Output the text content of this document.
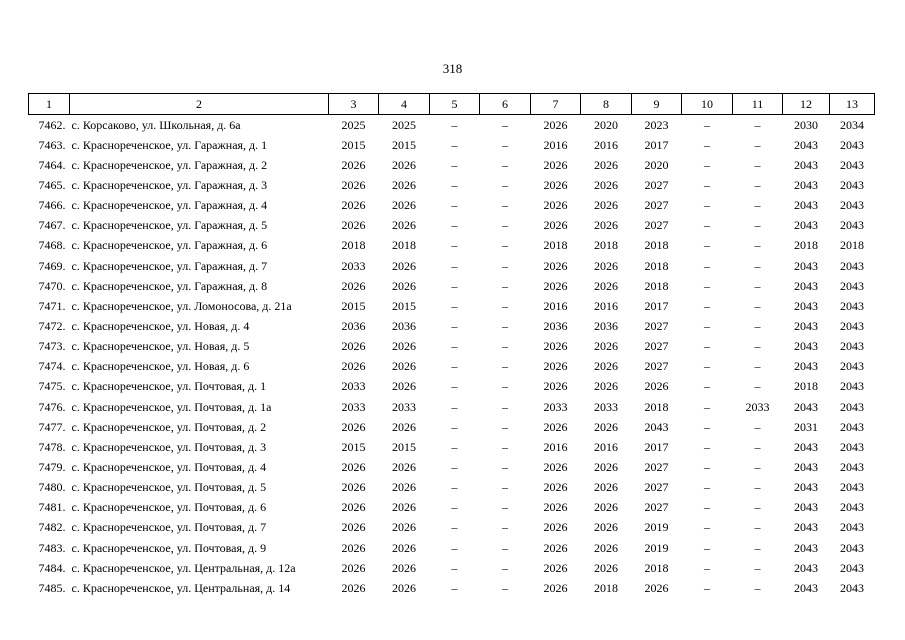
318
1	2	3	4	5	6	7	8	9	10	11	12	13
7462.	с. Корсаково, ул. Школьная, д. 6а	2025	2025	–	–	2026	2020	2023	–	–	2030	2034
7463.	с. Краснореченское, ул. Гаражная, д. 1	2015	2015	–	–	2016	2016	2017	–	–	2043	2043
7464.	с. Краснореченское, ул. Гаражная, д. 2	2026	2026	–	–	2026	2026	2020	–	–	2043	2043
7465.	с. Краснореченское, ул. Гаражная, д. 3	2026	2026	–	–	2026	2026	2027	–	–	2043	2043
7466.	с. Краснореченское, ул. Гаражная, д. 4	2026	2026	–	–	2026	2026	2027	–	–	2043	2043
7467.	с. Краснореченское, ул. Гаражная, д. 5	2026	2026	–	–	2026	2026	2027	–	–	2043	2043
7468.	с. Краснореченское, ул. Гаражная, д. 6	2018	2018	–	–	2018	2018	2018	–	–	2018	2018
7469.	с. Краснореченское, ул. Гаражная, д. 7	2033	2026	–	–	2026	2026	2018	–	–	2043	2043
7470.	с. Краснореченское, ул. Гаражная, д. 8	2026	2026	–	–	2026	2026	2018	–	–	2043	2043
7471.	с. Краснореченское, ул. Ломоносова, д. 21а	2015	2015	–	–	2016	2016	2017	–	–	2043	2043
7472.	с. Краснореченское, ул. Новая, д. 4	2036	2036	–	–	2036	2036	2027	–	–	2043	2043
7473.	с. Краснореченское, ул. Новая, д. 5	2026	2026	–	–	2026	2026	2027	–	–	2043	2043
7474.	с. Краснореченское, ул. Новая, д. 6	2026	2026	–	–	2026	2026	2027	–	–	2043	2043
7475.	с. Краснореченское, ул. Почтовая, д. 1	2033	2026	–	–	2026	2026	2026	–	–	2018	2043
7476.	с. Краснореченское, ул. Почтовая, д. 1а	2033	2033	–	–	2033	2033	2018	–	2033	2043	2043
7477.	с. Краснореченское, ул. Почтовая, д. 2	2026	2026	–	–	2026	2026	2043	–	–	2031	2043
7478.	с. Краснореченское, ул. Почтовая, д. 3	2015	2015	–	–	2016	2016	2017	–	–	2043	2043
7479.	с. Краснореченское, ул. Почтовая, д. 4	2026	2026	–	–	2026	2026	2027	–	–	2043	2043
7480.	с. Краснореченское, ул. Почтовая, д. 5	2026	2026	–	–	2026	2026	2027	–	–	2043	2043
7481.	с. Краснореченское, ул. Почтовая, д. 6	2026	2026	–	–	2026	2026	2027	–	–	2043	2043
7482.	с. Краснореченское, ул. Почтовая, д. 7	2026	2026	–	–	2026	2026	2019	–	–	2043	2043
7483.	с. Краснореченское, ул. Почтовая, д. 9	2026	2026	–	–	2026	2026	2019	–	–	2043	2043
7484.	с. Краснореченское, ул. Центральная, д. 12а	2026	2026	–	–	2026	2026	2018	–	–	2043	2043
7485.	с. Краснореченское, ул. Центральная, д. 14	2026	2026	–	–	2026	2018	2026	–	–	2043	2043
